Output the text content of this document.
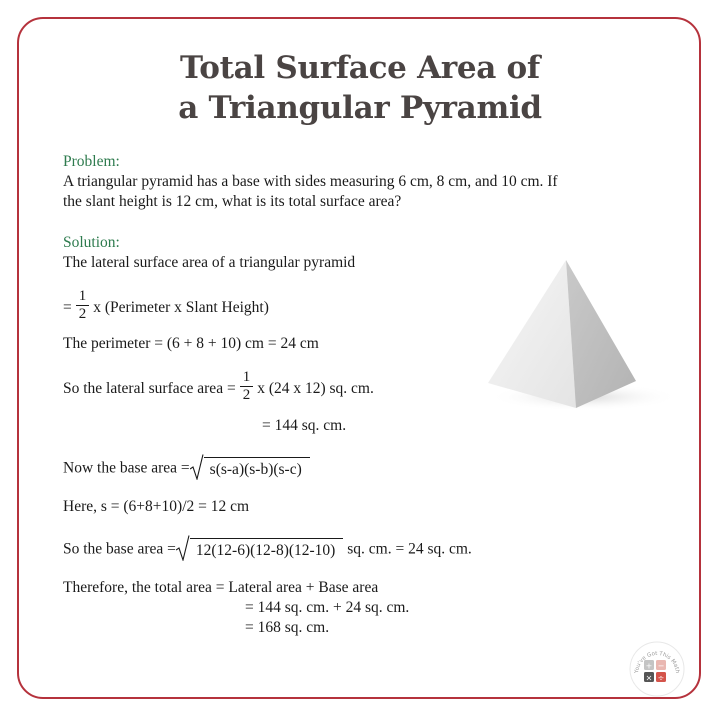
Total Surface Area of
a Triangular Pyramid
Problem:
A triangular pyramid has a base with sides measuring 6 cm, 8 cm, and 10 cm. If
the slant height is 12 cm, what is its total surface area?
Solution:
The lateral surface area of a triangular pyramid
= $\frac{1}{2}$ x (Perimeter x Slant Height)
The perimeter = (6 + 8 + 10) cm = 24 cm
So the lateral surface area = $\frac{1}{2}$ x (24 x 12) sq. cm.
= 144 sq. cm.
Now the base area =	s(s-a)(s-b)(s-c)
Here, s = (6+8+10)/2 = 12 cm
So the base area =	12(12-6)(12-8)(12-10) sq. cm. = 24 sq. cm.
Therefore, the total area = Lateral area + Base area
= 144 sq. cm. + 24 sq. cm.
= 168 sq. cm.
+ −
× ÷
You've Got This Math
